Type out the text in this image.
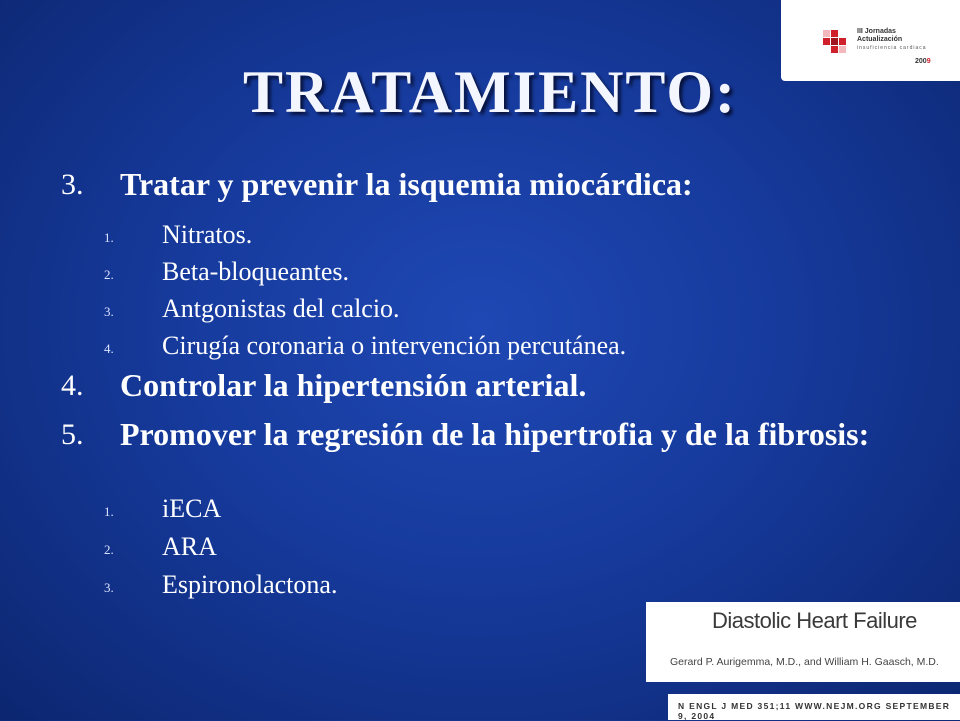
III Jornadas
Actualización
insuficiencia cardiaca
2009
TRATAMIENTO:
3. Tratar y prevenir la isquemia miocárdica:
1. Nitratos.
2. Beta-bloqueantes.
3. Antgonistas del calcio.
4. Cirugía coronaria o intervención percutánea.
4. Controlar la hipertensión arterial.
5. Promover la regresión de la hipertrofia y de la fibrosis:
1. iECA
2. ARA
3. Espironolactona.
Diastolic Heart Failure
Gerard P. Aurigemma, M.D., and William H. Gaasch, M.D.
N ENGL J MED 351;11 WWW.NEJM.ORG SEPTEMBER 9, 2004
